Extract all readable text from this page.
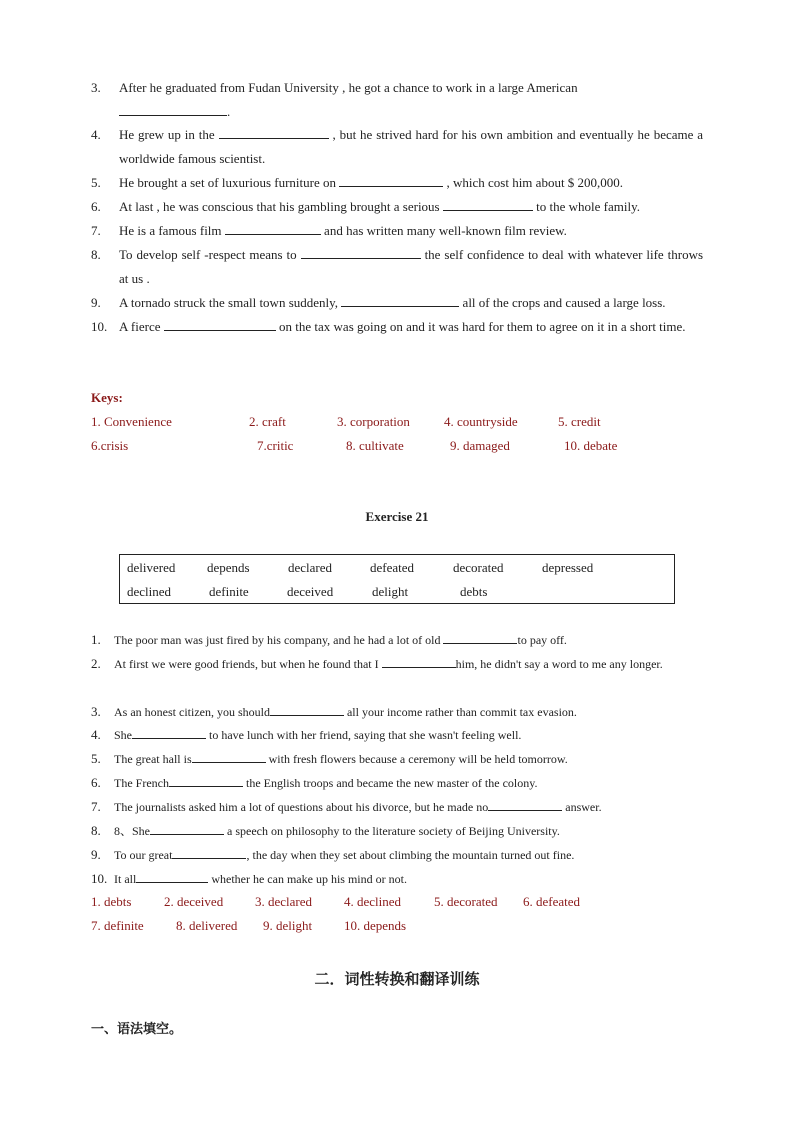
3. After he graduated from Fudan University , he got a chance to work in a large American
.
4. He grew up in the	, but he strived hard for his own ambition and eventually he became a worldwide famous scientist.
5. He brought a set of luxurious furniture on	, which cost him about $ 200,000.
6. At last , he was conscious that his gambling brought a serious	to the whole family.
7. He is a famous film	and has written many well-known film review.
8. To develop self -respect means to	the self confidence to deal with whatever life throws at us .
9. A tornado struck the small town suddenly,	all of the crops and caused a large loss.
10. A fierce	on the tax was going on and it was hard for them to agree on it in a short time.
Keys:
1. Convenience	2. craft	3. corporation	4. countryside	5. credit
6.crisis	7.critic	8. cultivate	9. damaged	10. debate
Exercise 21
delivered depends	declared	defeated	decorated	depressed
declined	definite	deceived	delight	debts
1. The poor man was just fired by his company, and he had a lot of old	to pay off.
2. At first we were good friends, but when he found that I	him, he didn't say a word to me any longer.
3. As an honest citizen, you should	all your income rather than commit tax evasion.
4. She	to have lunch with her friend, saying that she wasn't feeling well.
5. The great hall is	with fresh flowers because a ceremony will be held tomorrow.
6. The French	the English troops and became the new master of the colony.
7. The journalists asked him a lot of questions about his divorce, but he made no	answer.
8. 8、She	a speech on philosophy to the literature society of Beijing University.
9. To our great	, the day when they set about climbing the mountain turned out fine.
10. It all	whether he can make up his mind or not.
1. debts	2. deceived 3. declared 4. declined	5. decorated 6. defeated
7. definite 8. delivered 9. delight 10. depends
二．词性转换和翻译训练
一、语法填空。
